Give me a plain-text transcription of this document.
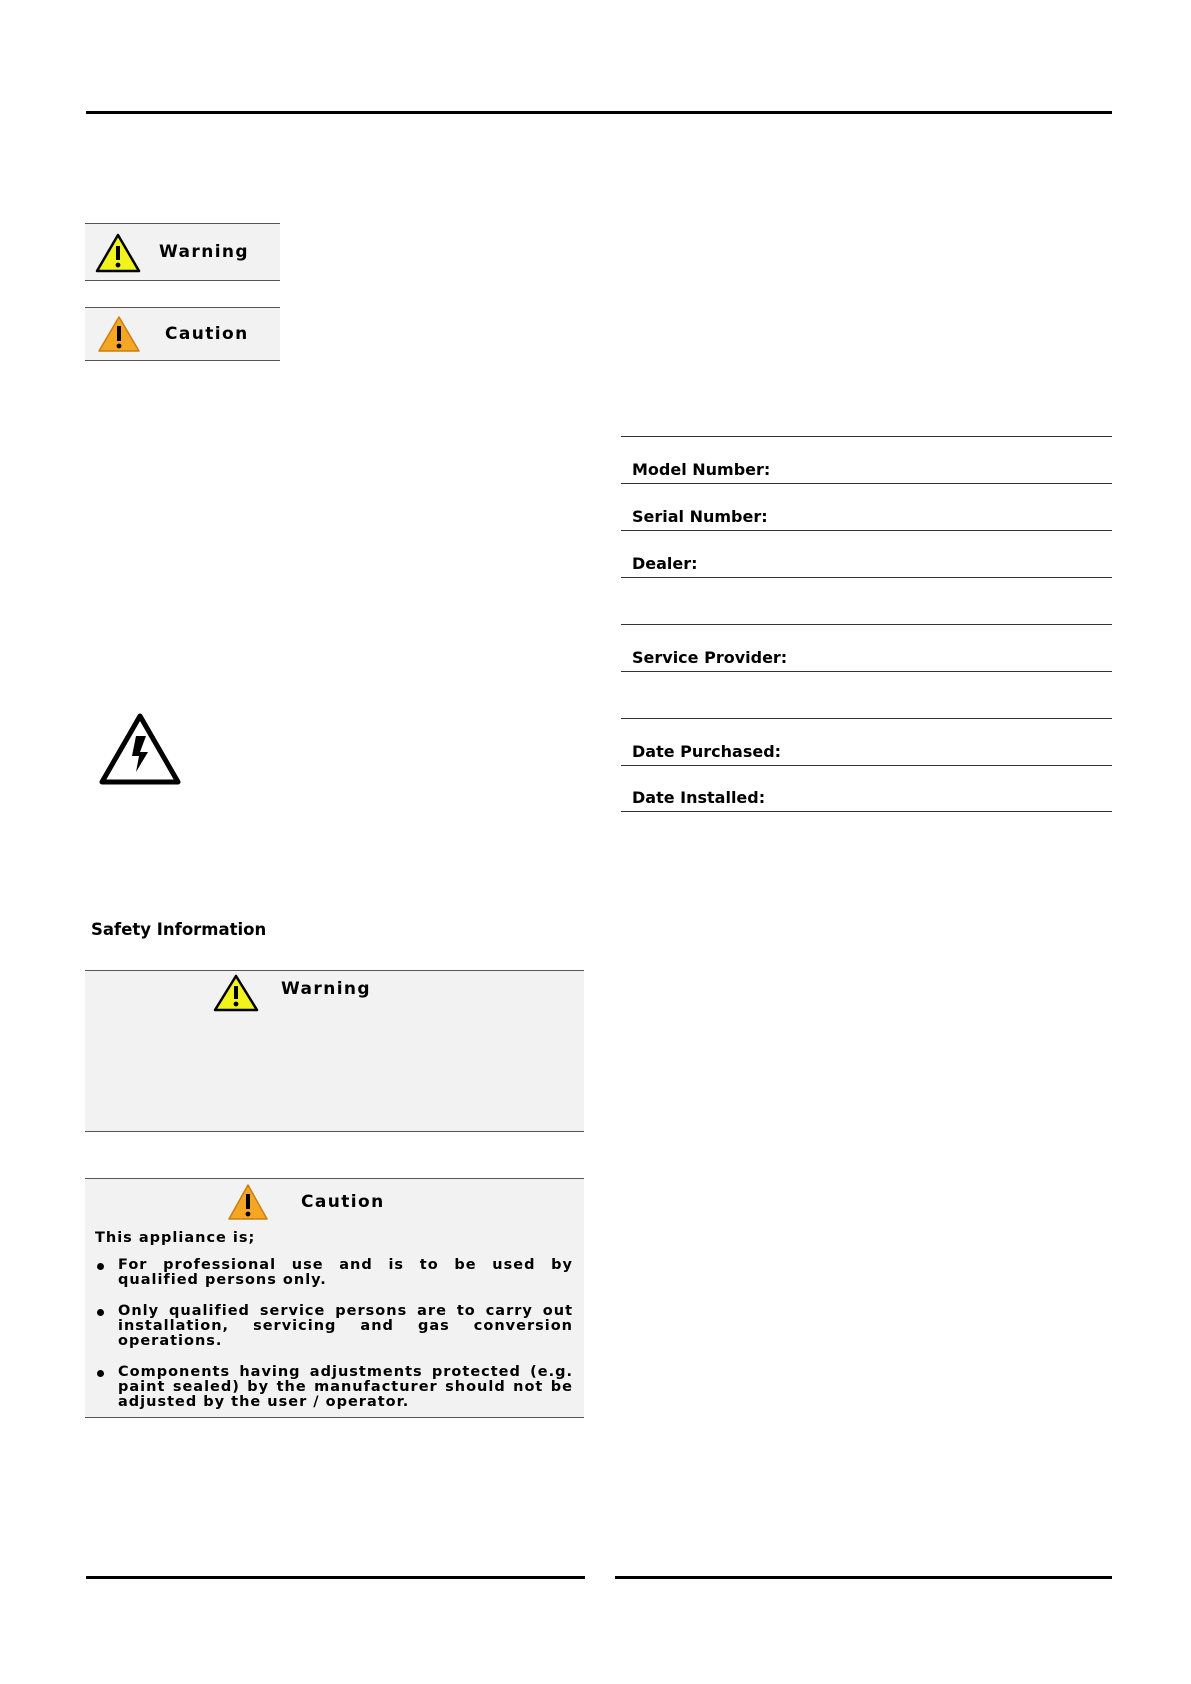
Warning
Caution
Model Number:
Serial Number:
Dealer:
Service Provider:
Date Purchased:
Date Installed:
Safety Information
Warning
Caution
This appliance is;
For professional use and is to be used by qualified persons only.
Only qualified service persons are to carry out installation, servicing and gas conversion operations.
Components having adjustments protected (e.g. paint sealed) by the manufacturer should not be adjusted by the user / operator.
